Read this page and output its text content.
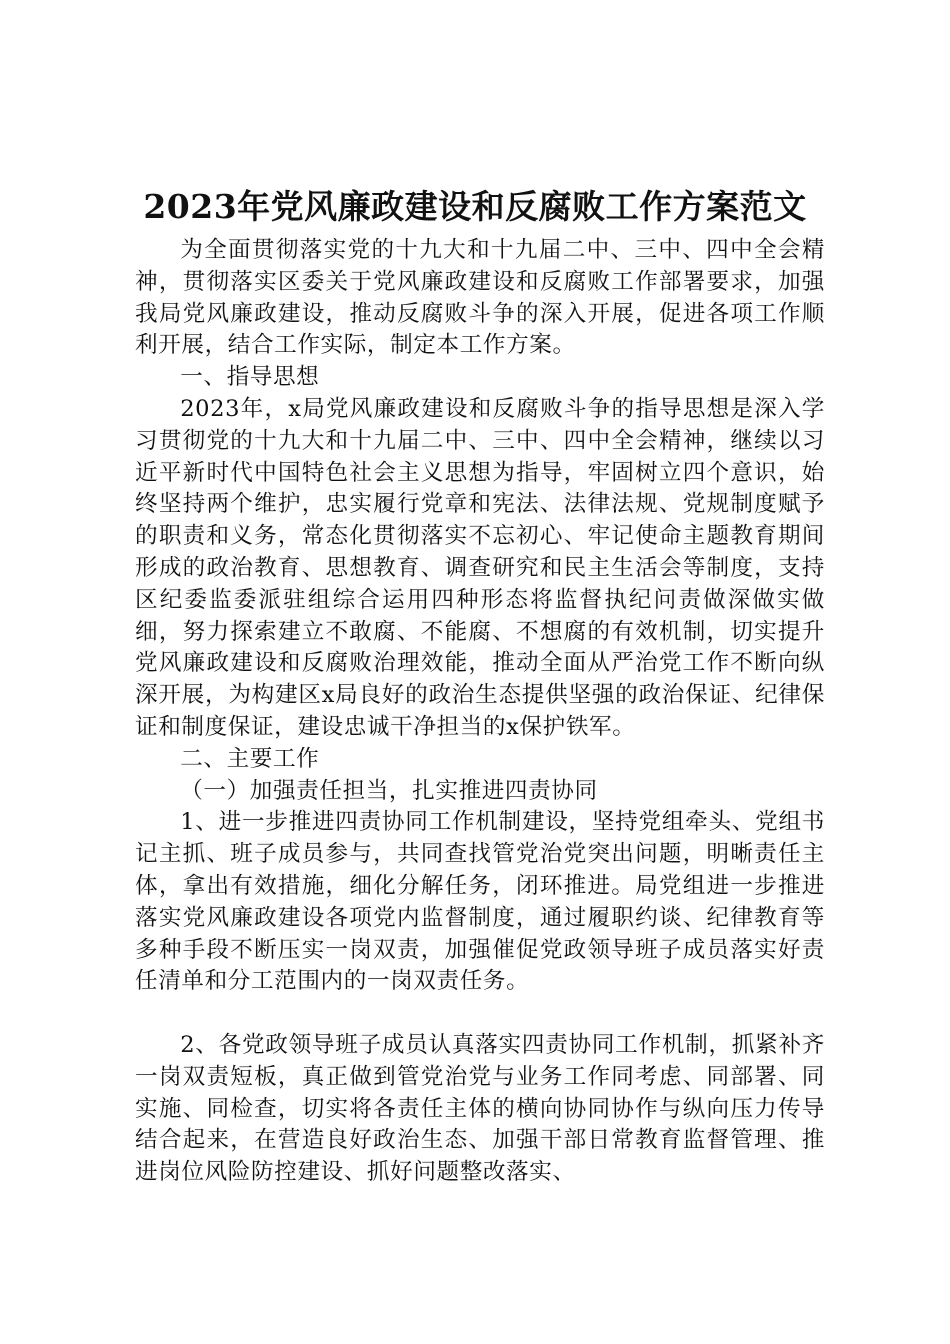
2023年党风廉政建设和反腐败工作方案范文

为全面贯彻落实党的十九大和十九届二中、三中、四中全会精神，贯彻落实区委关于党风廉政建设和反腐败工作部署要求，加强我局党风廉政建设，推动反腐败斗争的深入开展，促进各项工作顺利开展，结合工作实际，制定本工作方案。

一、指导思想

2023年，x局党风廉政建设和反腐败斗争的指导思想是深入学习贯彻党的十九大和十九届二中、三中、四中全会精神，继续以习近平新时代中国特色社会主义思想为指导，牢固树立四个意识，始终坚持两个维护，忠实履行党章和宪法、法律法规、党规制度赋予的职责和义务，常态化贯彻落实不忘初心、牢记使命主题教育期间形成的政治教育、思想教育、调查研究和民主生活会等制度，支持区纪委监委派驻组综合运用四种形态将监督执纪问责做深做实做细，努力探索建立不敢腐、不能腐、不想腐的有效机制，切实提升党风廉政建设和反腐败治理效能，推动全面从严治党工作不断向纵深开展，为构建区x局良好的政治生态提供坚强的政治保证、纪律保证和制度保证，建设忠诚干净担当的x保护铁军。

二、主要工作

（一）加强责任担当，扎实推进四责协同

1、进一步推进四责协同工作机制建设，坚持党组牵头、党组书记主抓、班子成员参与，共同查找管党治党突出问题，明晰责任主体，拿出有效措施，细化分解任务，闭环推进。局党组进一步推进落实党风廉政建设各项党内监督制度，通过履职约谈、纪律教育等多种手段不断压实一岗双责，加强催促党政领导班子成员落实好责任清单和分工范围内的一岗双责任务。

2、各党政领导班子成员认真落实四责协同工作机制，抓紧补齐一岗双责短板，真正做到管党治党与业务工作同考虑、同部署、同实施、同检查，切实将各责任主体的横向协同协作与纵向压力传导结合起来，在营造良好政治生态、加强干部日常教育监督管理、推进岗位风险防控建设、抓好问题整改落实、
